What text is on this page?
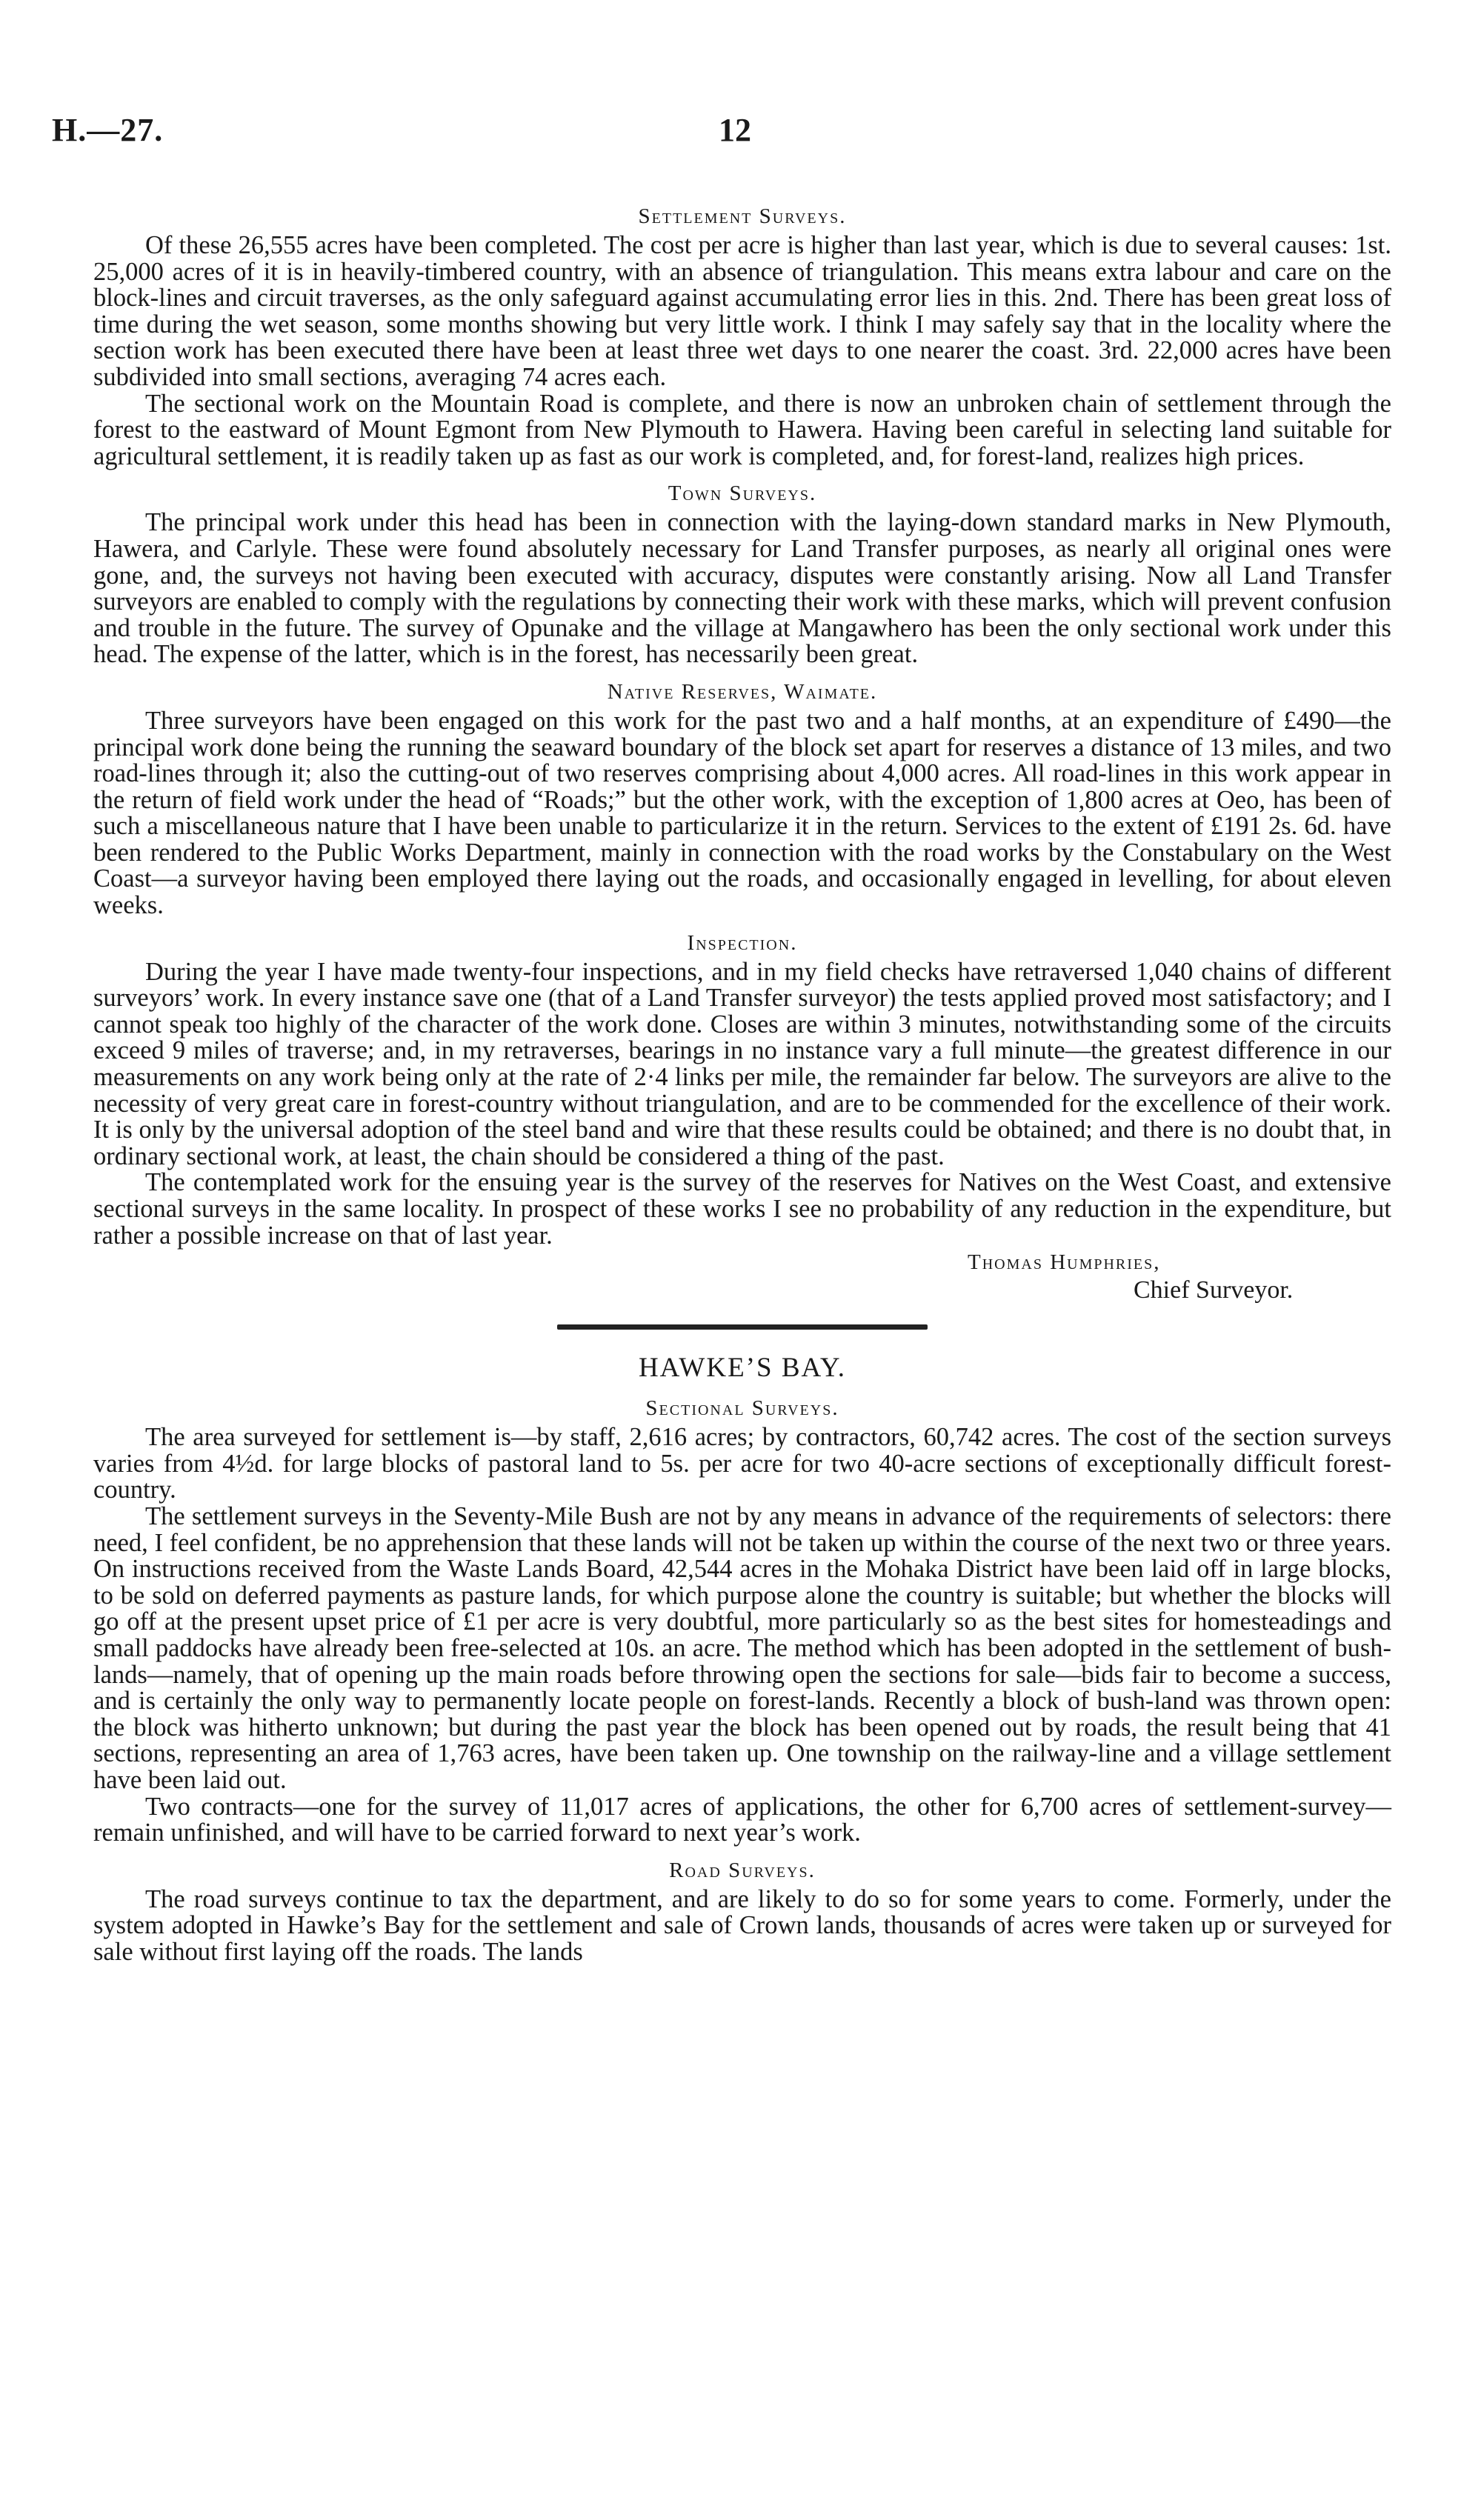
H.—27.	12
Settlement Surveys.

Of these 26,555 acres have been completed. The cost per acre is higher than last year, which is due to several causes: 1st. 25,000 acres of it is in heavily-timbered country, with an absence of triangulation. This means extra labour and care on the block-lines and circuit traverses, as the only safeguard against accumulating error lies in this. 2nd. There has been great loss of time during the wet season, some months showing but very little work. I think I may safely say that in the locality where the section work has been executed there have been at least three wet days to one nearer the coast. 3rd. 22,000 acres have been subdivided into small sections, averaging 74 acres each.

The sectional work on the Mountain Road is complete, and there is now an unbroken chain of settlement through the forest to the eastward of Mount Egmont from New Plymouth to Hawera. Having been careful in selecting land suitable for agricultural settlement, it is readily taken up as fast as our work is completed, and, for forest-land, realizes high prices.

Town Surveys.

The principal work under this head has been in connection with the laying-down standard marks in New Plymouth, Hawera, and Carlyle. These were found absolutely necessary for Land Transfer purposes, as nearly all original ones were gone, and, the surveys not having been executed with accuracy, disputes were constantly arising. Now all Land Transfer surveyors are enabled to comply with the regulations by connecting their work with these marks, which will prevent confusion and trouble in the future. The survey of Opunake and the village at Mangawhero has been the only sectional work under this head. The expense of the latter, which is in the forest, has necessarily been great.

Native Reserves, Waimate.

Three surveyors have been engaged on this work for the past two and a half months, at an expenditure of £490—the principal work done being the running the seaward boundary of the block set apart for reserves a distance of 13 miles, and two road-lines through it; also the cutting-out of two reserves comprising about 4,000 acres. All road-lines in this work appear in the return of field work under the head of “Roads;” but the other work, with the exception of 1,800 acres at Oeo, has been of such a miscellaneous nature that I have been unable to particularize it in the return. Services to the extent of £191 2s. 6d. have been rendered to the Public Works Department, mainly in connection with the road works by the Constabulary on the West Coast—a surveyor having been employed there laying out the roads, and occasionally engaged in levelling, for about eleven weeks.

Inspection.

During the year I have made twenty-four inspections, and in my field checks have retraversed 1,040 chains of different surveyors’ work. In every instance save one (that of a Land Transfer surveyor) the tests applied proved most satisfactory; and I cannot speak too highly of the character of the work done. Closes are within 3 minutes, notwithstanding some of the circuits exceed 9 miles of traverse; and, in my retraverses, bearings in no instance vary a full minute—the greatest difference in our measurements on any work being only at the rate of 2·4 links per mile, the remainder far below. The surveyors are alive to the necessity of very great care in forest-country without triangulation, and are to be commended for the excellence of their work. It is only by the universal adoption of the steel band and wire that these results could be obtained; and there is no doubt that, in ordinary sectional work, at least, the chain should be considered a thing of the past.

The contemplated work for the ensuing year is the survey of the reserves for Natives on the West Coast, and extensive sectional surveys in the same locality. In prospect of these works I see no probability of any reduction in the expenditure, but rather a possible increase on that of last year.

Thomas Humphries,
Chief Surveyor.
HAWKE’S BAY.
Sectional Surveys.

The area surveyed for settlement is—by staff, 2,616 acres; by contractors, 60,742 acres. The cost of the section surveys varies from 4½d. for large blocks of pastoral land to 5s. per acre for two 40-acre sections of exceptionally difficult forest-country.

The settlement surveys in the Seventy-Mile Bush are not by any means in advance of the requirements of selectors: there need, I feel confident, be no apprehension that these lands will not be taken up within the course of the next two or three years. On instructions received from the Waste Lands Board, 42,544 acres in the Mohaka District have been laid off in large blocks, to be sold on deferred payments as pasture lands, for which purpose alone the country is suitable; but whether the blocks will go off at the present upset price of £1 per acre is very doubtful, more particularly so as the best sites for homesteadings and small paddocks have already been free-selected at 10s. an acre. The method which has been adopted in the settlement of bush-lands—namely, that of opening up the main roads before throwing open the sections for sale—bids fair to become a success, and is certainly the only way to permanently locate people on forest-lands. Recently a block of bush-land was thrown open: the block was hitherto unknown; but during the past year the block has been opened out by roads, the result being that 41 sections, representing an area of 1,763 acres, have been taken up. One township on the railway-line and a village settlement have been laid out.

Two contracts—one for the survey of 11,017 acres of applications, the other for 6,700 acres of settlement-survey—remain unfinished, and will have to be carried forward to next year’s work.

Road Surveys.

The road surveys continue to tax the department, and are likely to do so for some years to come. Formerly, under the system adopted in Hawke’s Bay for the settlement and sale of Crown lands, thousands of acres were taken up or surveyed for sale without first laying off the roads. The lands
